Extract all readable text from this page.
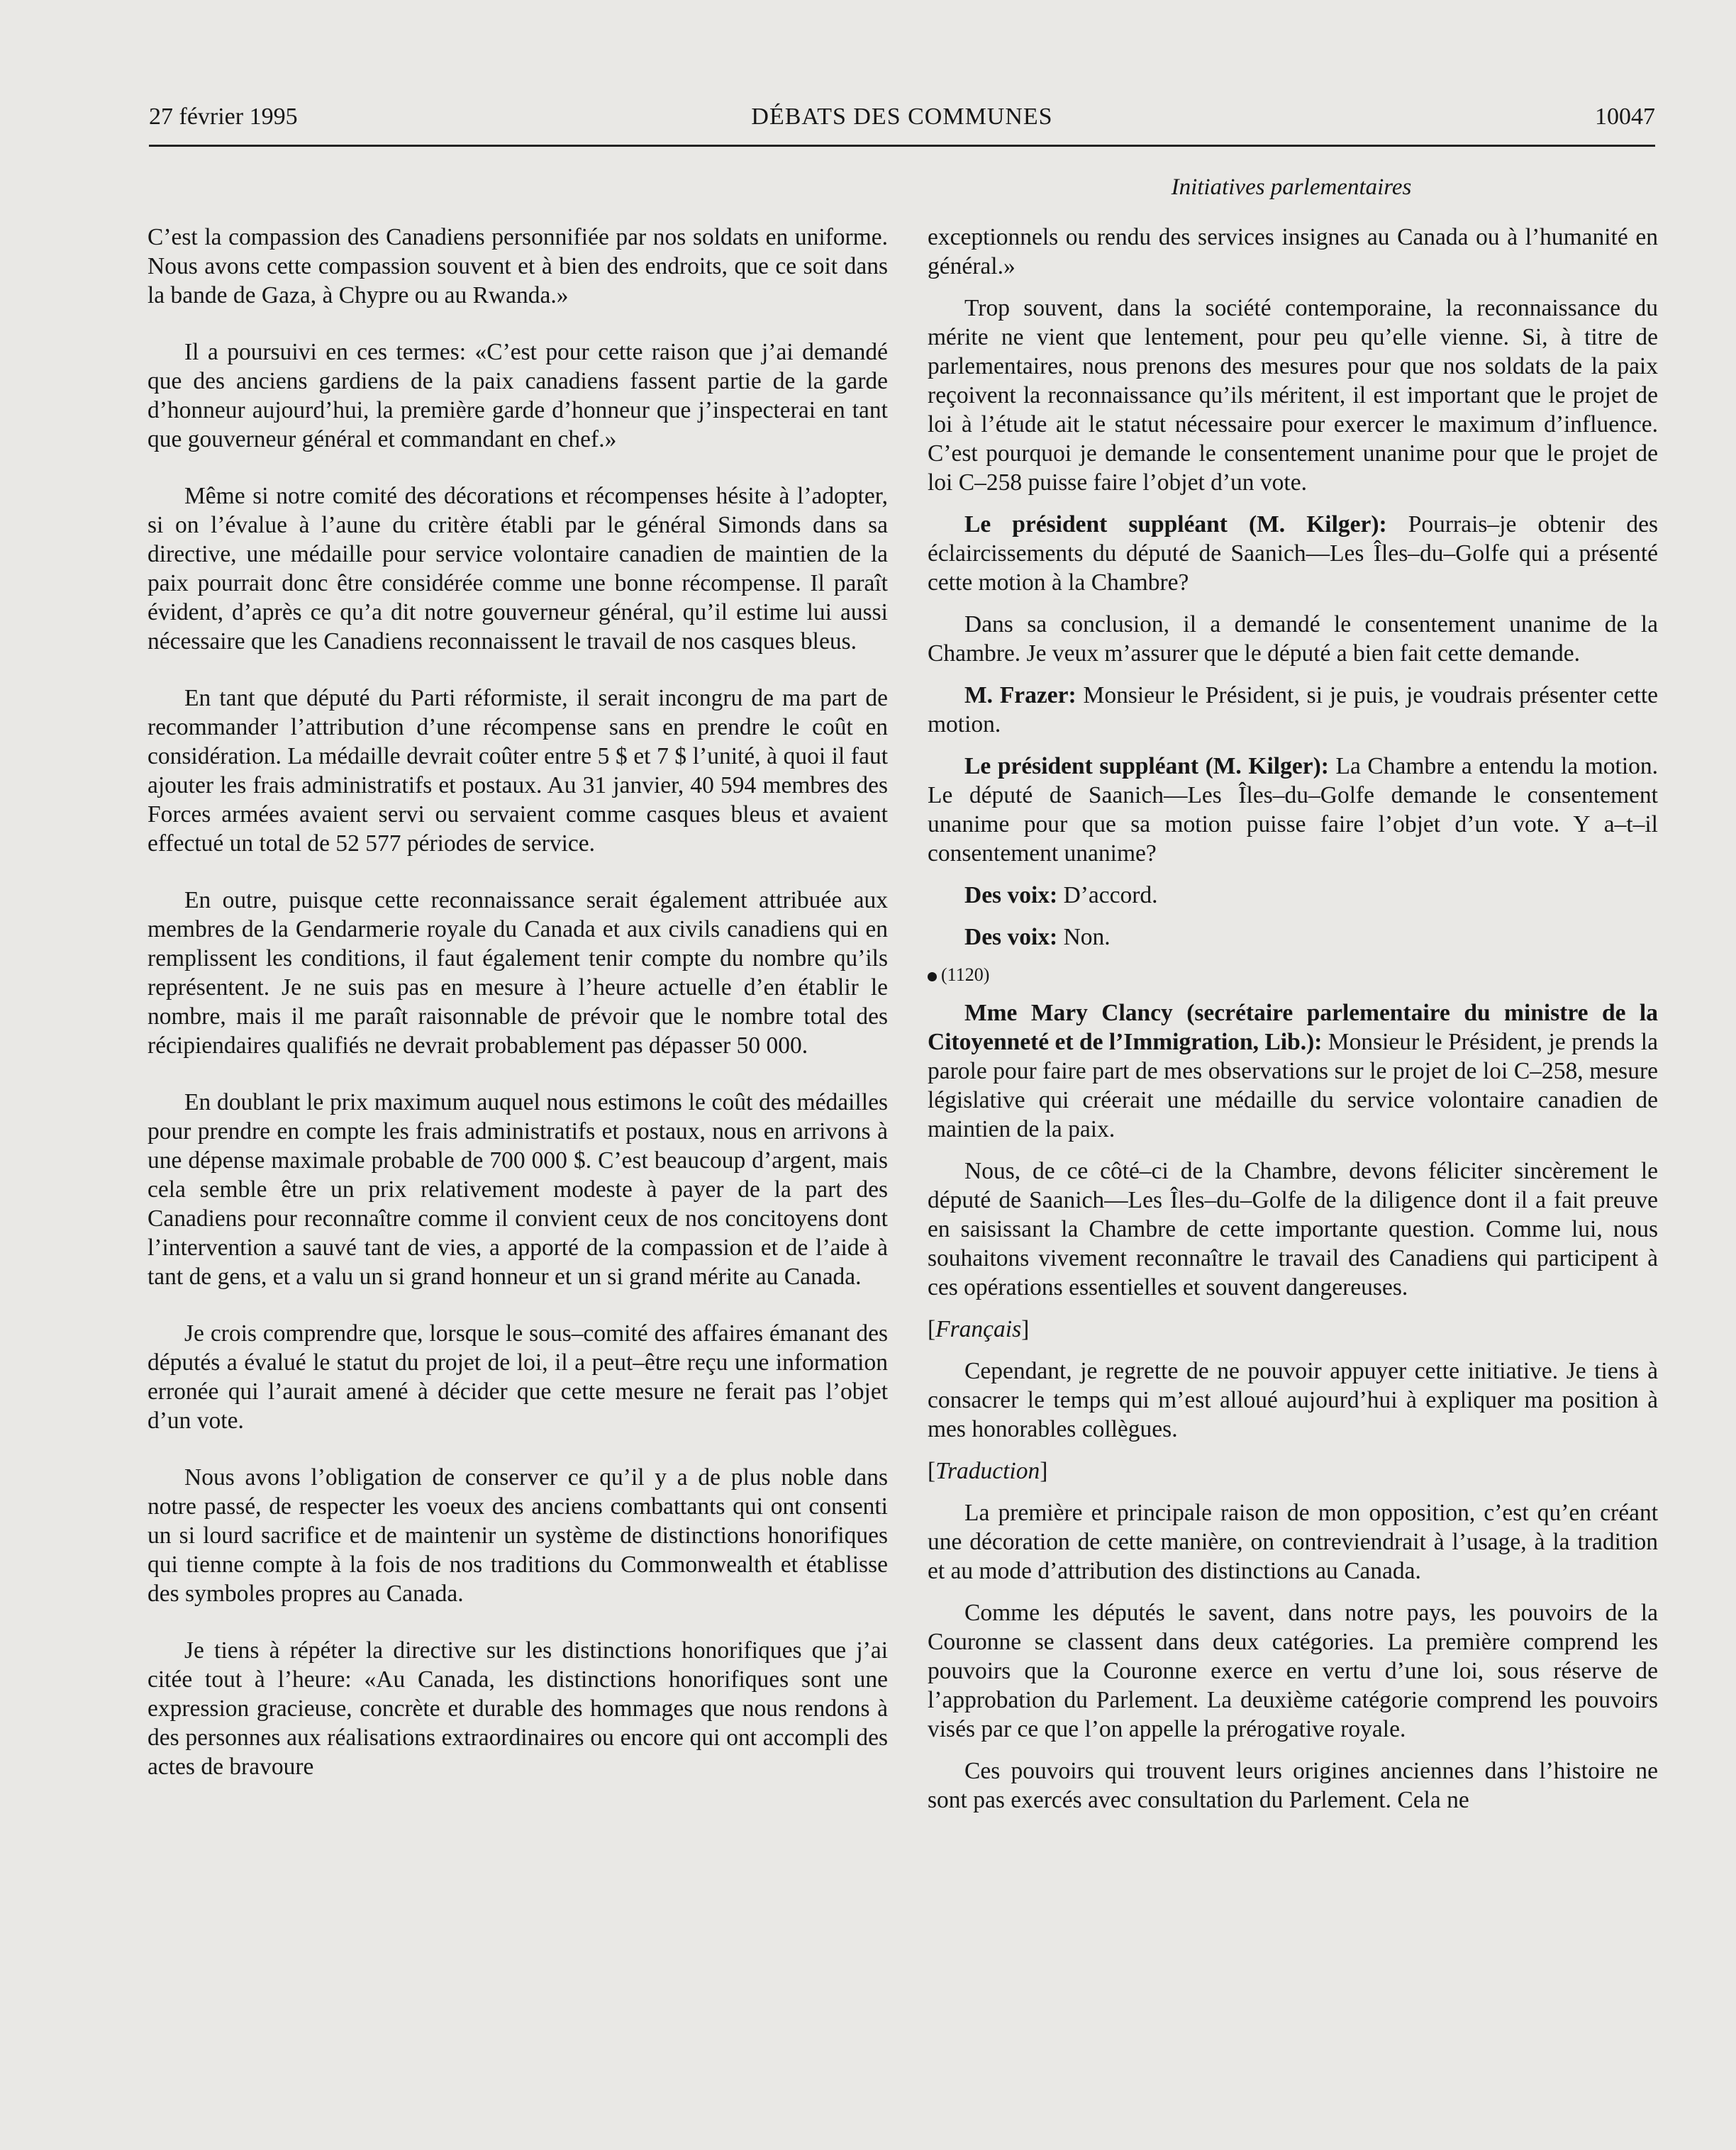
27 février 1995	DÉBATS DES COMMUNES	10047
Initiatives parlementaires

C’est la compassion des Canadiens personnifiée par nos soldats en uniforme. Nous avons cette compassion souvent et à bien des endroits, que ce soit dans la bande de Gaza, à Chypre ou au Rwanda.»

Il a poursuivi en ces termes: «C’est pour cette raison que j’ai demandé que des anciens gardiens de la paix canadiens fassent partie de la garde d’honneur aujourd’hui, la première garde d’honneur que j’inspecterai en tant que gouverneur général et commandant en chef.»

Même si notre comité des décorations et récompenses hésite à l’adopter, si on l’évalue à l’aune du critère établi par le général Simonds dans sa directive, une médaille pour service volontaire canadien de maintien de la paix pourrait donc être considérée comme une bonne récompense. Il paraît évident, d’après ce qu’a dit notre gouverneur général, qu’il estime lui aussi nécessaire que les Canadiens reconnaissent le travail de nos casques bleus.

En tant que député du Parti réformiste, il serait incongru de ma part de recommander l’attribution d’une récompense sans en prendre le coût en considération. La médaille devrait coûter entre 5 $ et 7 $ l’unité, à quoi il faut ajouter les frais administratifs et postaux. Au 31 janvier, 40 594 membres des Forces armées avaient servi ou servaient comme casques bleus et avaient effectué un total de 52 577 périodes de service.

En outre, puisque cette reconnaissance serait également attribuée aux membres de la Gendarmerie royale du Canada et aux civils canadiens qui en remplissent les conditions, il faut également tenir compte du nombre qu’ils représentent. Je ne suis pas en mesure à l’heure actuelle d’en établir le nombre, mais il me paraît raisonnable de prévoir que le nombre total des récipiendaires qualifiés ne devrait probablement pas dépasser 50 000.

En doublant le prix maximum auquel nous estimons le coût des médailles pour prendre en compte les frais administratifs et postaux, nous en arrivons à une dépense maximale probable de 700 000 $. C’est beaucoup d’argent, mais cela semble être un prix relativement modeste à payer de la part des Canadiens pour reconnaître comme il convient ceux de nos concitoyens dont l’intervention a sauvé tant de vies, a apporté de la compassion et de l’aide à tant de gens, et a valu un si grand honneur et un si grand mérite au Canada.

Je crois comprendre que, lorsque le sous–comité des affaires émanant des députés a évalué le statut du projet de loi, il a peut–être reçu une information erronée qui l’aurait amené à décider que cette mesure ne ferait pas l’objet d’un vote.

Nous avons l’obligation de conserver ce qu’il y a de plus noble dans notre passé, de respecter les voeux des anciens combattants qui ont consenti un si lourd sacrifice et de maintenir un système de distinctions honorifiques qui tienne compte à la fois de nos traditions du Commonwealth et établisse des symboles propres au Canada.

Je tiens à répéter la directive sur les distinctions honorifiques que j’ai citée tout à l’heure: «Au Canada, les distinctions honorifiques sont une expression gracieuse, concrète et durable des hommages que nous rendons à des personnes aux réalisations extraordinaires ou encore qui ont accompli des actes de bravoure

exceptionnels ou rendu des services insignes au Canada ou à l’humanité en général.»

Trop souvent, dans la société contemporaine, la reconnaissance du mérite ne vient que lentement, pour peu qu’elle vienne. Si, à titre de parlementaires, nous prenons des mesures pour que nos soldats de la paix reçoivent la reconnaissance qu’ils méritent, il est important que le projet de loi à l’étude ait le statut nécessaire pour exercer le maximum d’influence. C’est pourquoi je demande le consentement unanime pour que le projet de loi C–258 puisse faire l’objet d’un vote.

Le président suppléant (M. Kilger): Pourrais–je obtenir des éclaircissements du député de Saanich—Les Îles–du–Golfe qui a présenté cette motion à la Chambre?

Dans sa conclusion, il a demandé le consentement unanime de la Chambre. Je veux m’assurer que le député a bien fait cette demande.

M. Frazer: Monsieur le Président, si je puis, je voudrais présenter cette motion.

Le président suppléant (M. Kilger): La Chambre a entendu la motion. Le député de Saanich—Les Îles–du–Golfe demande le consentement unanime pour que sa motion puisse faire l’objet d’un vote. Y a–t–il consentement unanime?

Des voix: D’accord.

Des voix: Non.

(1120)

Mme Mary Clancy (secrétaire parlementaire du ministre de la Citoyenneté et de l’Immigration, Lib.): Monsieur le Président, je prends la parole pour faire part de mes observations sur le projet de loi C–258, mesure législative qui créerait une médaille du service volontaire canadien de maintien de la paix.

Nous, de ce côté–ci de la Chambre, devons féliciter sincèrement le député de Saanich—Les Îles–du–Golfe de la diligence dont il a fait preuve en saisissant la Chambre de cette importante question. Comme lui, nous souhaitons vivement reconnaître le travail des Canadiens qui participent à ces opérations essentielles et souvent dangereuses.

[Français]

Cependant, je regrette de ne pouvoir appuyer cette initiative. Je tiens à consacrer le temps qui m’est alloué aujourd’hui à expliquer ma position à mes honorables collègues.

[Traduction]

La première et principale raison de mon opposition, c’est qu’en créant une décoration de cette manière, on contreviendrait à l’usage, à la tradition et au mode d’attribution des distinctions au Canada.

Comme les députés le savent, dans notre pays, les pouvoirs de la Couronne se classent dans deux catégories. La première comprend les pouvoirs que la Couronne exerce en vertu d’une loi, sous réserve de l’approbation du Parlement. La deuxième catégorie comprend les pouvoirs visés par ce que l’on appelle la prérogative royale.

Ces pouvoirs qui trouvent leurs origines anciennes dans l’histoire ne sont pas exercés avec consultation du Parlement. Cela ne
